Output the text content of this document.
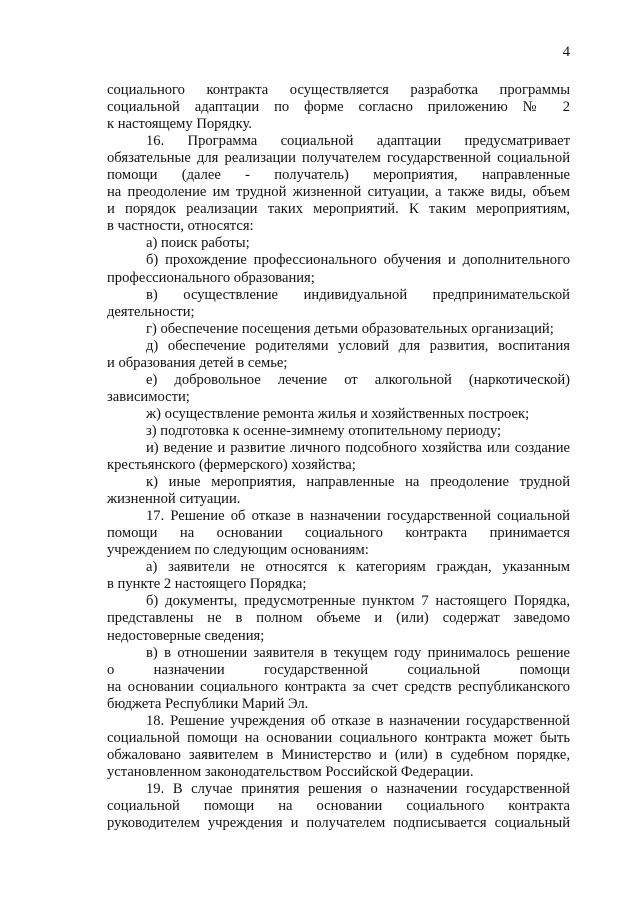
4
социального контракта осуществляется разработка программы
социальной адаптации по форме согласно приложению № 2
к настоящему Порядку.
16. Программа социальной адаптации предусматривает
обязательные для реализации получателем государственной социальной
помощи (далее - получатель) мероприятия, направленные
на преодоление им трудной жизненной ситуации, а также виды, объем
и порядок реализации таких мероприятий. К таким мероприятиям,
в частности, относятся:
а) поиск работы;
б) прохождение профессионального обучения и дополнительного
профессионального образования;
в) осуществление индивидуальной предпринимательской
деятельности;
г) обеспечение посещения детьми образовательных организаций;
д) обеспечение родителями условий для развития, воспитания
и образования детей в семье;
е) добровольное лечение от алкогольной (наркотической)
зависимости;
ж) осуществление ремонта жилья и хозяйственных построек;
з) подготовка к осенне-зимнему отопительному периоду;
и) ведение и развитие личного подсобного хозяйства или создание
крестьянского (фермерского) хозяйства;
к) иные мероприятия, направленные на преодоление трудной
жизненной ситуации.
17. Решение об отказе в назначении государственной социальной
помощи на основании социального контракта принимается
учреждением по следующим основаниям:
а) заявители не относятся к категориям граждан, указанным
в пункте 2 настоящего Порядка;
б) документы, предусмотренные пунктом 7 настоящего Порядка,
представлены не в полном объеме и (или) содержат заведомо
недостоверные сведения;
в) в отношении заявителя в текущем году принималось решение
о назначении государственной социальной помощи
на основании социального контракта за счет средств республиканского
бюджета Республики Марий Эл.
18. Решение учреждения об отказе в назначении государственной
социальной помощи на основании социального контракта может быть
обжаловано заявителем в Министерство и (или) в судебном порядке,
установленном законодательством Российской Федерации.
19. В случае принятия решения о назначении государственной
социальной помощи на основании социального контракта
руководителем учреждения и получателем подписывается социальный
